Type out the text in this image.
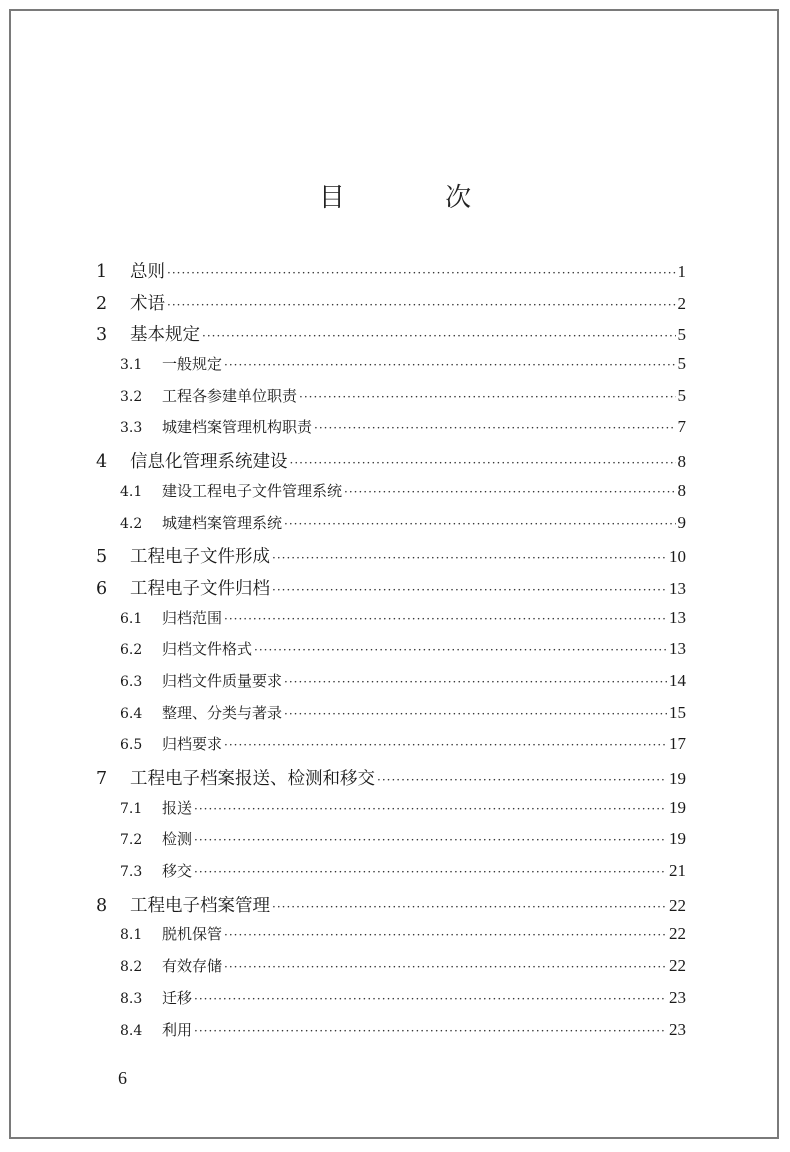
目 次
1	总则 ·····	1
2	术语 ·····	2
3	基本规定 ·····	5
3.1	一般规定 ·····	5
3.2	工程各参建单位职责 ·····	5
3.3	城建档案管理机构职责 ·····	7
4	信息化管理系统建设 ·····	8
4.1	建设工程电子文件管理系统 ·····	8
4.2	城建档案管理系统 ·····	9
5	工程电子文件形成 ·····	10
6	工程电子文件归档 ·····	13
6.1	归档范围 ·····	13
6.2	归档文件格式 ·····	13
6.3	归档文件质量要求 ·····	14
6.4	整理、分类与著录 ·····	15
6.5	归档要求 ·····	17
7	工程电子档案报送、检测和移交 ·····	19
7.1	报送 ·····	19
7.2	检测 ·····	19
7.3	移交 ·····	21
8	工程电子档案管理 ·····	22
8.1	脱机保管 ·····	22
8.2	有效存储 ·····	22
8.3	迁移 ·····	23
8.4	利用 ·····	23
6
